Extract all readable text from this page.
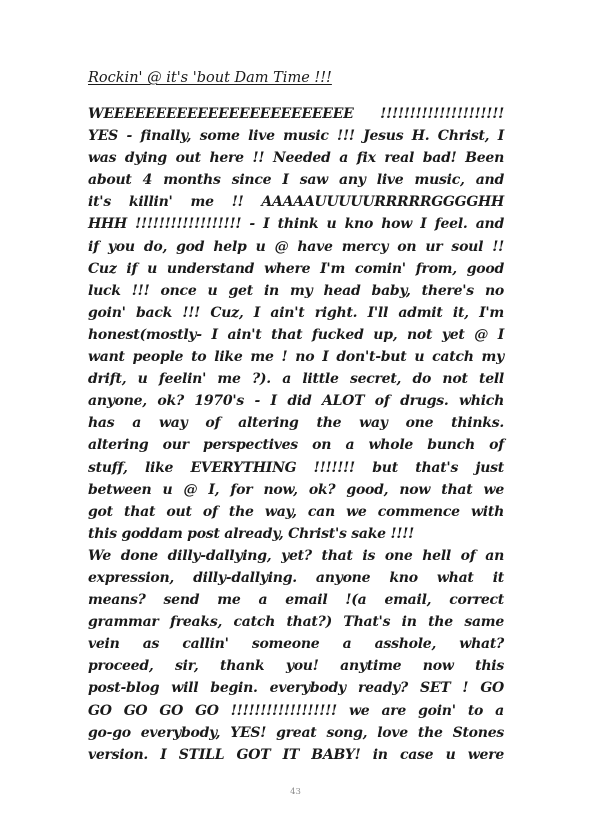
Rockin' @ it's 'bout Dam Time !!!
WEEEEEEEEEEEEEEEEEEEEEEEE !!!!!!!!!!!!!!!!!!!!!
YES - finally, some live music !!! Jesus H. Christ, I
was dying out here !! Needed a fix real bad! Been
about 4 months since I saw any live music, and
it's killin' me !! AAAAAUUUUURRRRRGGGGHH
HHH !!!!!!!!!!!!!!!!!! - I think u kno how I feel. and
if you do, god help u @ have mercy on ur soul !!
Cuz if u understand where I'm comin' from, good
luck !!! once u get in my head baby, there's no
goin' back !!! Cuz, I ain't right. I'll admit it, I'm
honest(mostly- I ain't that fucked up, not yet @ I
want people to like me ! no I don't-but u catch my
drift, u feelin' me ?). a little secret, do not tell
anyone, ok? 1970's - I did ALOT of drugs. which
has a way of altering the way one thinks.
altering our perspectives on a whole bunch of
stuff, like EVERYTHING !!!!!!! but that's just
between u @ I, for now, ok? good, now that we
got that out of the way, can we commence with
this goddam post already, Christ's sake !!!!
We done dilly-dallying, yet? that is one hell of an
expression, dilly-dallying. anyone kno what it
means? send me a email !(a email, correct
grammar freaks, catch that?) That's in the same
vein as callin' someone a asshole, what?
proceed, sir, thank you! anytime now this
post-blog will begin. everybody ready? SET ! GO
GO GO GO GO !!!!!!!!!!!!!!!!!! we are goin' to a
go-go everybody, YES! great song, love the Stones
version. I STILL GOT IT BABY! in case u were
43
